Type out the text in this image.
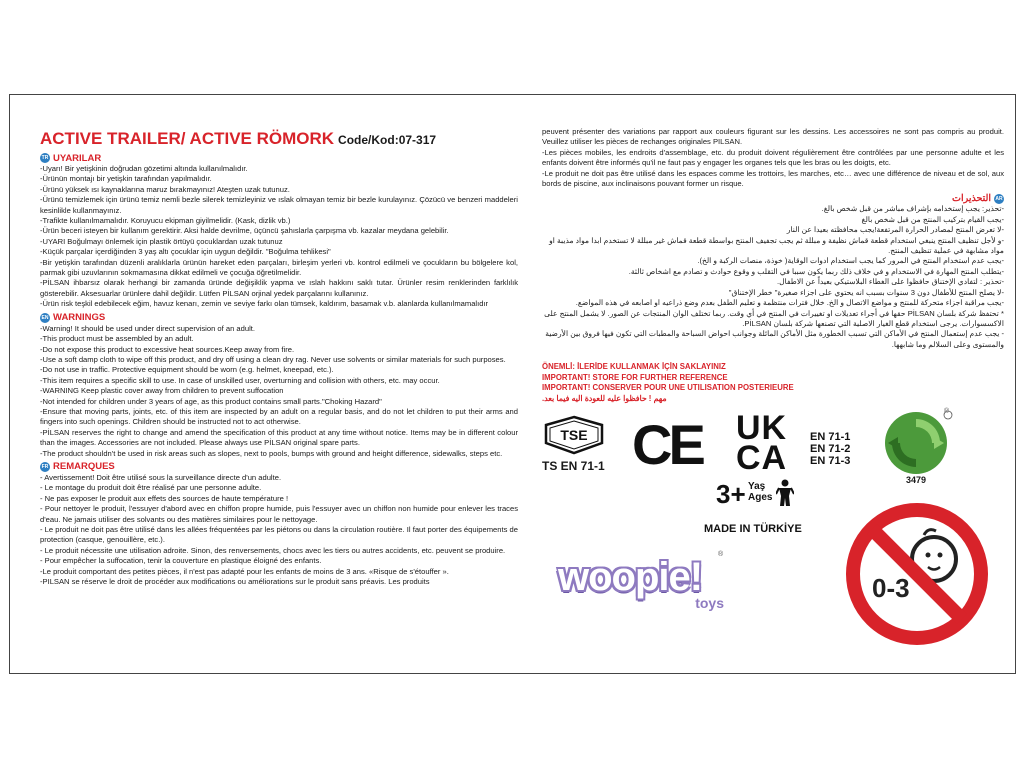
ACTIVE TRAILER/ ACTIVE RÖMORK Code/Kod:07-317
TR UYARILAR

-Uyarı! Bir yetişkinin doğrudan gözetimi altında kullanılmalıdır.

-Ürünün montajı bir yetişkin tarafından yapılmalıdır.

-Ürünü yüksek ısı kaynaklarına maruz bırakmayınız! Ateşten uzak tutunuz.

-Ürünü temizlemek için ürünü temiz nemli bezle silerek temizleyiniz ve ıslak olmayan temiz bir bezle kurulayınız. Çözücü ve benzeri maddeleri kesinlikle kullanmayınız.

-Trafikte kullanılmamalıdır. Koruyucu ekipman giyilmelidir. (Kask, dizlik vb.)

-Ürün beceri isteyen bir kullanım gerektirir. Aksi halde devrilme, üçüncü şahıslarla çarpışma vb. kazalar meydana gelebilir.

-UYARI Boğulmayı önlemek için plastik örtüyü çocuklardan uzak tutunuz

-Küçük parçalar içerdiğinden 3 yaş altı çocuklar için uygun değildir. "Boğulma tehlikesi"

-Bir yetişkin tarafından düzenli aralıklarla ürünün hareket eden parçaları, birleşim yerleri vb. kontrol edilmeli ve çocukların bu bölgelere kol, parmak gibi uzuvlarının sokmamasına dikkat edilmeli ve çocuğa öğretilmelidir.

-PİLSAN ihbarsız olarak herhangi bir zamanda üründe değişiklik yapma ve ıslah hakkını saklı tutar. Ürünler resim renklerinden farklılık gösterebilir. Aksesuarlar ürünlere dahil değildir. Lütfen PİLSAN orjinal yedek parçalarını kullanınız.

-Ürün risk teşkil edebilecek eğim, havuz kenarı, zemin ve seviye farkı olan tümsek, kaldırım, basamak v.b. alanlarda kullanılmamalıdır

EN WARNINGS

-Warning! It should be used under direct supervision of an adult.

-This product must be assembled by an adult.

-Do not expose this product to excessive heat sources.Keep away from fire.

-Use a soft damp cloth to wipe off this product, and dry off using a clean dry rag. Never use solvents or similar materials for such purposes.

-Do not use in traffic. Protective equipment should be worn (e.g. helmet, kneepad, etc.).

-This item requires a specific skill to use. In case of unskilled user, overturning and collision with others, etc. may occur.

-WARNING Keep plastic cover away from children to prevent suffocation

-Not intended for children under 3 years of age, as this product contains small parts."Choking Hazard"

-Ensure that moving parts, joints, etc. of this item are inspected by an adult on a regular basis, and do not let children to put their arms and fingers into such openings. Children should be instructed not to act otherwise.

-PİLSAN reserves the right to change and amend the specification of this product at any time without notice. Items may be in different colour than the images. Accessories are not included. Please always use PİLSAN original spare parts.

-The product shouldn't be used in risk areas such as slopes, next to pools, bumps with ground and height difference, sidewalks, steps etc.

FR REMARQUES

- Avertissement! Doit être utilisé sous la surveillance directe d'un adulte.

- Le montage du produit doit être réalisé par une personne adulte.

- Ne pas exposer le produit aux effets des sources de haute température !

- Pour nettoyer le produit, l'essuyer d'abord avec en chiffon propre humide, puis l'essuyer avec un chiffon non humide pour enlever les traces d'eau. Ne jamais utiliser des solvants ou des matières similaires pour le nettoyage.

- Le produit ne doit pas être utilisé dans les allées fréquentées par les piétons ou dans la circulation routière. Il faut porter des équipements de protection (casque, genouillère, etc.).

- Le produit nécessite une utilisation adroite. Sinon, des renversements, chocs avec les tiers ou autres accidents, etc. peuvent se produire.

- Pour empêcher la suffocation, tenir la couverture en plastique éloigné des enfants.

-Le produit comportant des petites pièces, il n'est pas adapté pour les enfants de moins de 3 ans. «Risque de s'étouffer ».

-PILSAN se réserve le droit de procéder aux modifications ou améliorations sur le produit sans préavis. Les produits

peuvent présenter des variations par rapport aux couleurs figurant sur les dessins. Les accessoires ne sont pas compris au produit. Veuillez utiliser les pièces de rechanges originales PILSAN.

-Les pièces mobiles, les endroits d'assemblage, etc. du produit doivent régulièrement être contrôlées par une personne adulte et les enfants doivent être informés qu'il ne faut pas y engager les organes tels que les bras ou les doigts, etc.

-Le produit ne doit pas être utilisé dans les espaces comme les trottoirs, les marches, etc… avec une différence de niveau et de sol, aux bords de piscine, aux inclinaisons pouvant former un risque.

AR
التحذيرات

-تحذير: يجب إستخدامه بإشراف مباشر من قبل شخص بالغ.

-يجب القيام بتركيب المنتج من قبل شخص بالغ

-لا تعرض المنتج لمصادر الحرارة المرتفعة!يجب محافظته بعيدا عن النار

-و لأجل تنظيف المنتج ينبغي استخدام قطعة قماش نظيفة و مبللة ثم يجب تجفيف المنتج بواسطة قطعة قماش غير مبللة لا تستخدم ابدا مواد مذيبة او مواد مشابهة في عملية تنظيف المنتج.

-يجب عدم استخدام المنتج في المرور كما يجب استخدام ادوات الوقاية( خوذة، منصات الركبة و الخ).

-يتطلب المنتج المهارة في الاستخدام و في خلاف ذلك ربما يكون سببا في التقلب و وقوع حوادث و تصادم مع اشخاص ثالثة.

-تحذير : لتفادي الإختناق حافظوا على الغطاء البلاستيكي بعيداً عن الاطفال.

-لا يصلح المنتج للأطفال دون 3 سنوات بسبب انه يحتوي على اجزاء صغيرة" خطر الإختناق"

-يجب مراقبة اجزاء متحركة للمنتج و مواضع الاتصال و الخ. خلال فترات منتظمة و تعليم الطفل بعدم وضع ذراعيه او اصابعه في هذه المواضع.

* تحتفظ شركة بلسان PİLSAN حقها في أجراء تعديلات او تغييرات في المنتج في أي وقت. ربما تختلف الوان المنتجات عن الصور. لا يشمل المنتج على الاكسسوارات. يرجى استخدام قطع الغيار الاصلية التي تصنعها شركة بلسان PİLSAN.

- يجب عدم إستعمال المنتج في الأماكن التي تسبب الخطورة مثل الأماكن المائلة وجوانب احواض السباحة والمطبات التي تكون فيها فروق بين الأرضية والمستوى وعلى السلالم وما شابهها.

ÖNEMLİ: İLERİDE KULLANMAK İÇİN SAKLAYINIZ
IMPORTANT! STORE FOR FURTHER REFERENCE
IMPORTANT! CONSERVER POUR UNE UTILISATION POSTERIEURE
مهم ! حافظوا عليه للعودة اليه فيما بعد.
TSE
TS EN 71-1 CE UK
CA
EN 71-1
EN 71-2
EN 71-3
®
3479
3+ Yaş
Ages
MADE IN TÜRKİYE
0-3
woopie!
toys
®
